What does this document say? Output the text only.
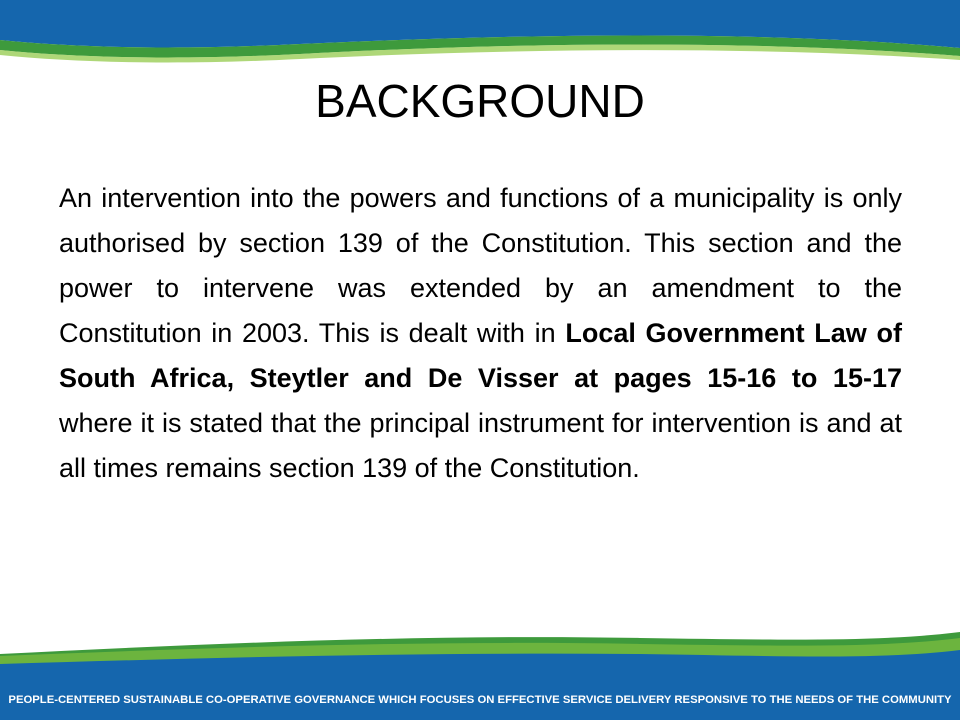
BACKGROUND

An intervention into the powers and functions of a municipality is only authorised by section 139 of the Constitution. This section and the power to intervene was extended by an amendment to the Constitution in 2003. This is dealt with in Local Government Law of South Africa, Steytler and De Visser at pages 15-16 to 15-17 where it is stated that the principal instrument for intervention is and at all times remains section 139 of the Constitution.

PEOPLE-CENTERED SUSTAINABLE CO-OPERATIVE GOVERNANCE WHICH FOCUSES ON EFFECTIVE SERVICE DELIVERY RESPONSIVE TO THE NEEDS OF THE COMMUNITY
